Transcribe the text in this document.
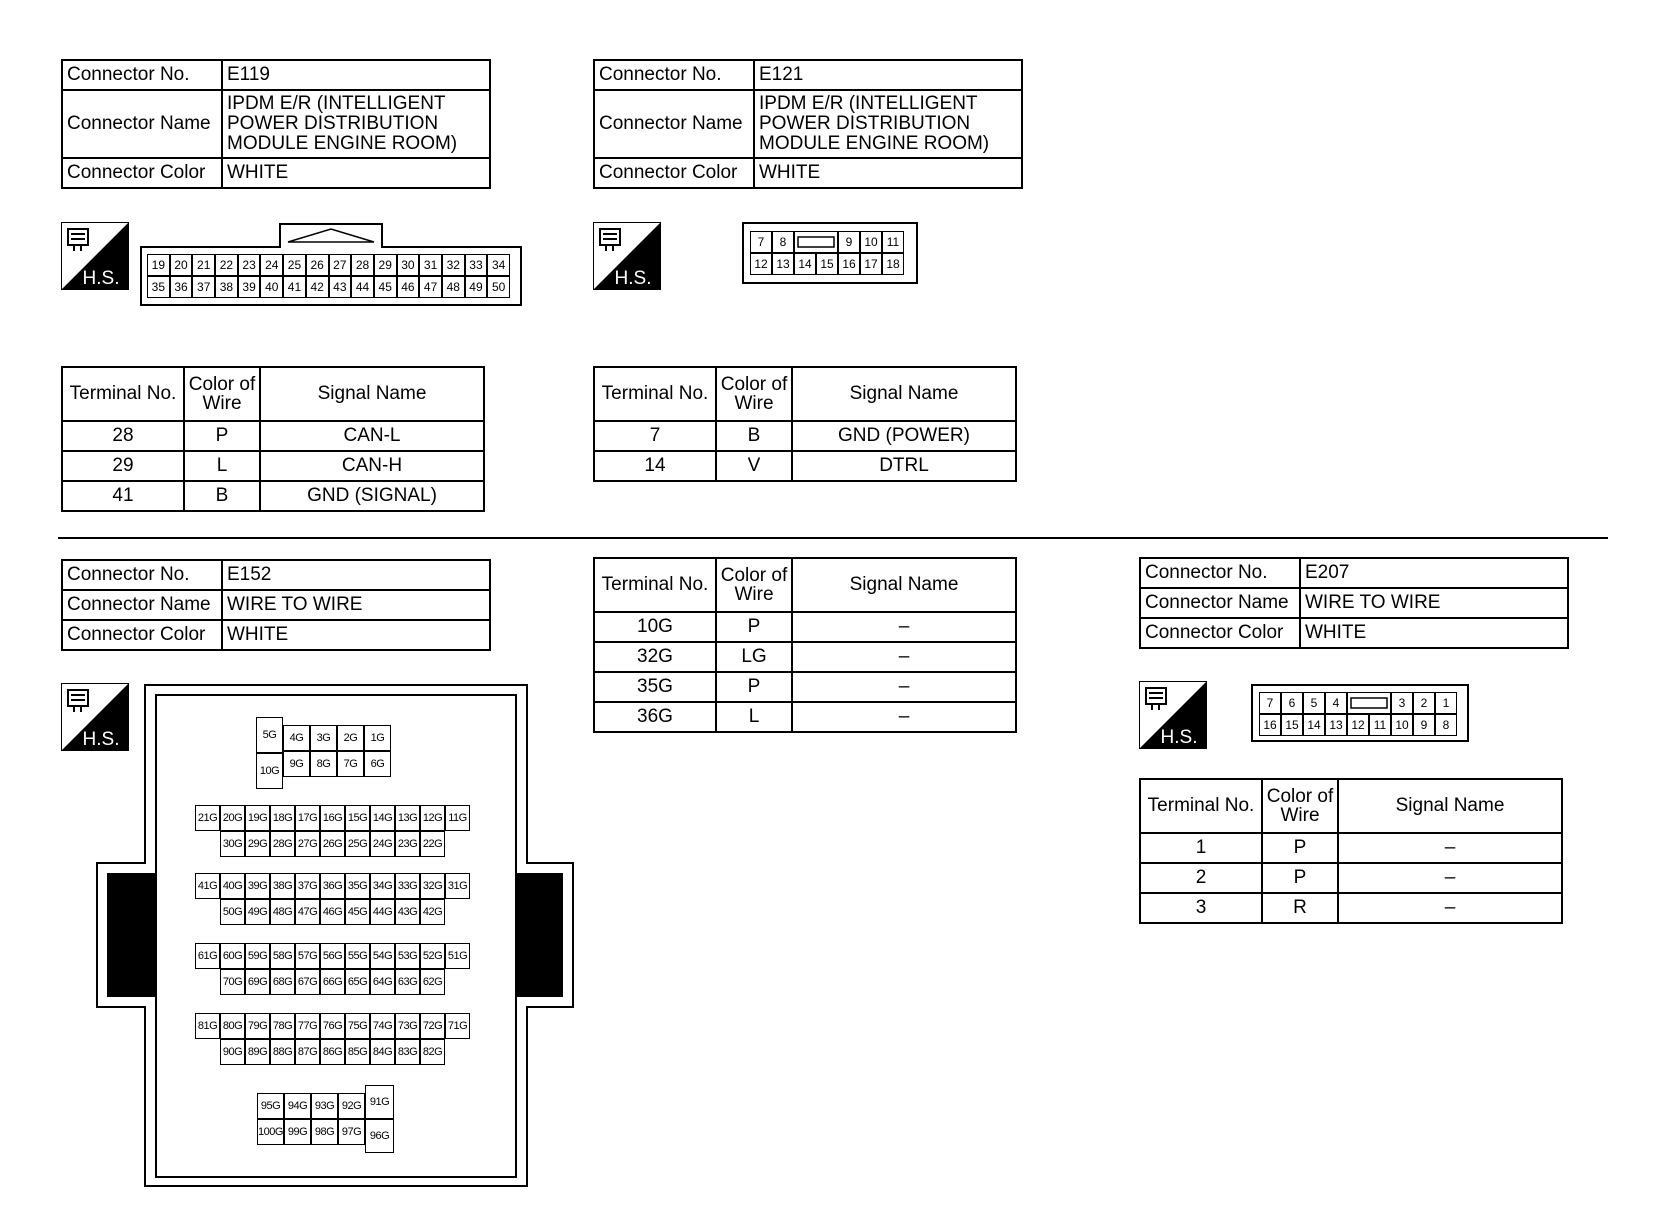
Connector No.	E119
Connector Name	IPDM E/R (INTELLIGENT POWER DISTRIBUTION MODULE ENGINE ROOM)
Connector Color	WHITE
H.S.
19 20 21 22 23 24 25 26 27 28 29 30 31 32 33 34
35 36 37 38 39 40 41 42 43 44 45 46 47 48 49 50
Terminal No.	Color of Wire	Signal Name
28	P	CAN-L
29	L	CAN-H
41	B	GND (SIGNAL)
Connector No.	E121
Connector Name	IPDM E/R (INTELLIGENT POWER DISTRIBUTION MODULE ENGINE ROOM)
Connector Color	WHITE
H.S.
7	8	9 10 11
12 13 14 15 16 17 18
Terminal No.	Color of Wire	Signal Name
7	B	GND (POWER)
14	V	DTRL
Connector No.	E152
Connector Name	WIRE TO WIRE
Connector Color	WHITE
H.S.	5G
10G
4G	3G	2G	1G
9G	8G	7G	6G
21G 20G 19G 18G 17G 16G 15G 14G 13G 12G 11G
30G 29G 28G 27G 26G 25G 24G 23G 22G
41G 40G 39G 38G 37G 36G 35G 34G 33G 32G 31G
50G 49G 48G 47G 46G 45G 44G 43G 42G
61G 60G 59G 58G 57G 56G 55G 54G 53G 52G 51G
70G 69G 68G 67G 66G 65G 64G 63G 62G
81G 80G 79G 78G 77G 76G 75G 74G 73G 72G 71G
90G 89G 88G 87G 86G 85G 84G 83G 82G
95G 94G 93G 92G
100G 99G 98G 97G
91G
96G
Terminal No.	Color of Wire	Signal Name
10G	P	–
32G	LG	–
35G	P	–
36G	L	–
Connector No.	E207
Connector Name	WIRE TO WIRE
Connector Color	WHITE
H.S.
7	6	5	4	3	2	1
16 15 14 13 12 11 10 9	8
Terminal No.	Color of Wire	Signal Name
1	P	–
2	P	–
3	R	–
